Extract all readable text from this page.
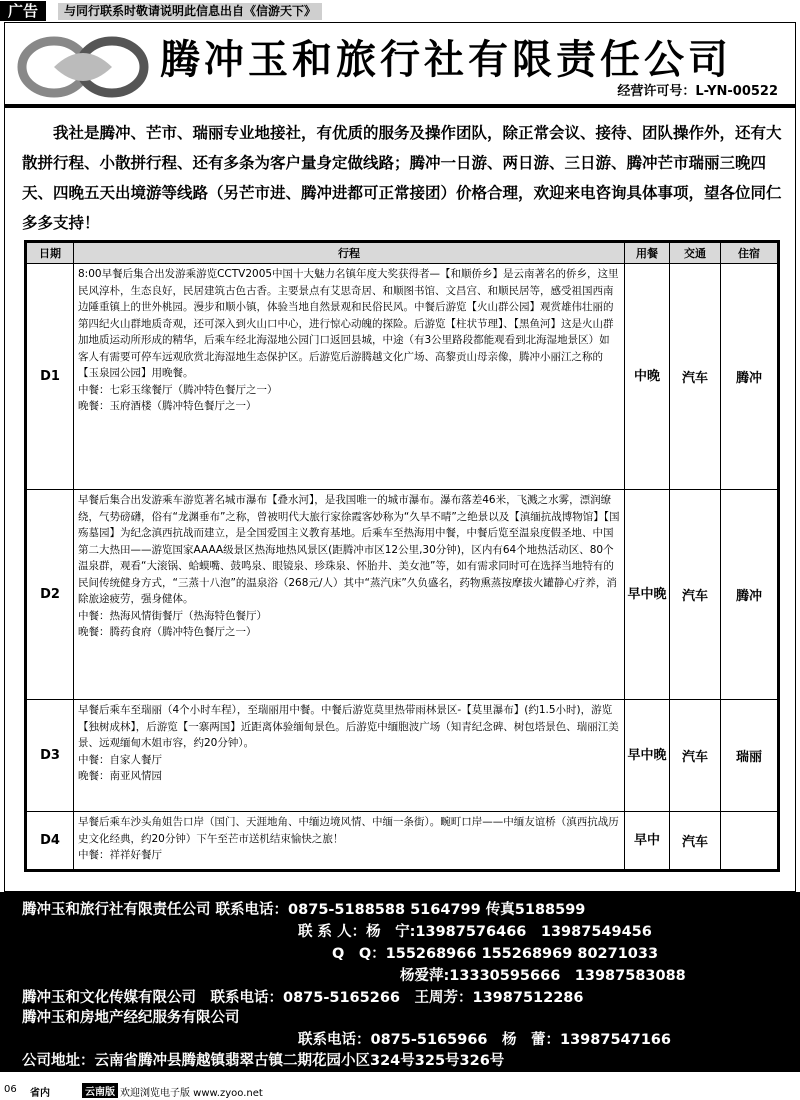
广告	与同行联系时敬请说明此信息出自《信游天下》
腾冲玉和旅行社有限责任公司
经营许可号：L-YN-00522

我社是腾冲、芒市、瑞丽专业地接社，有优质的服务及操作团队，除正常会议、接待、团队操作外，还有大散拼行程、小散拼行程、还有多条为客户量身定做线路；腾冲一日游、两日游、三日游、腾冲芒市瑞丽三晚四天、四晚五天出境游等线路（另芒市进、腾冲进都可正常接团）价格合理，欢迎来电咨询具体事项，望各位同仁多多支持！

日期	行程	用餐	交通	住宿
D1	8:00早餐后集合出发游乘游览CCTV2005中国十大魅力名镇年度大奖获得者—【和顺侨乡】是云南著名的侨乡，这里民风淳朴，生态良好，民居建筑古色古香。主要景点有艾思奇居、和顺图书馆、文昌宫、和顺民居等，感受祖国西南边陲重镇上的世外桃园。漫步和顺小镇，体验当地自然景观和民俗民风。中餐后游览【火山群公园】观赏雄伟壮丽的第四纪火山群地质奇观，还可深入到火山口中心，进行惊心动魄的探险。后游览【柱状节理】、【黑鱼河】这是火山群加地质运动所形成的精华，后乘车经北海湿地公园门口返回县城，中途（有3公里路段都能观看到北海湿地景区）如客人有需要可停车远观欣赏北海湿地生态保护区。后游览后游腾越文化广场、高黎贡山母亲像，腾冲小丽江之称的【玉泉园公园】用晚餐。

中餐：七彩玉缘餐厅（腾冲特色餐厅之一）

晚餐：玉府酒楼（腾冲特色餐厅之一）	中晚	汽车	腾冲
D2	早餐后集合出发游乘车游览著名城市瀑布【叠水河】，是我国唯一的城市瀑布。瀑布落差46米，飞溅之水雾，漂润缭绕，气势磅礴，俗有“龙渊垂布”之称，曾被明代大旅行家徐霞客妙称为“久旱不晴”之绝景以及【滇缅抗战博物馆】【国殇墓园】为纪念滇西抗战而建立，是全国爱国主义教育基地。后乘车至热海用中餐，中餐后览至温泉度假圣地、中国第二大热田——游览国家AAAA级景区热海地热风景区(距腾冲市区12公里,30分钟)，区内有64个地热活动区、80个温泉群，观看“大滚锅、蛤蟆嘴、鼓鸣泉、眼镜泉、珍珠泉、怀胎井、美女池”等，如有需求同时可在选择当地特有的民间传统健身方式，“三蒸十八泡”的温泉浴（268元/人）其中“蒸汽床”久负盛名，药物熏蒸按摩拔火罐静心疗养，消除旅途疲劳，强身健体。

中餐：热海风情街餐厅（热海特色餐厅）

晚餐：腾药食府（腾冲特色餐厅之一）	早中晚	汽车	腾冲
D3	早餐后乘车至瑞丽（4个小时车程），至瑞丽用中餐。中餐后游览莫里热带雨林景区-【莫里瀑布】(约1.5小时)，游览【独树成林】，后游览【一寨两国】近距离体验缅甸景色。后游览中缅胞波广场（知青纪念碑、树包塔景色、瑞丽江美景、远观缅甸木姐市容，约20分钟）。

中餐：自家人餐厅

晚餐：南亚风情园	早中晚	汽车	瑞丽
D4	早餐后乘车沙头角姐告口岸（国门、天涯地角、中缅边境风情、中缅一条街）。畹町口岸——中缅友谊桥（滇西抗战历史文化经典，约20分钟）下午至芒市送机结束愉快之旅！

中餐：祥祥好餐厅	早中	汽车	
腾冲玉和旅行社有限责任公司 联系电话：0875-5188588 5164799 传真5188599
联 系 人：杨　宁:13987576466　13987549456
Q　Q：155268966 155268969 80271033
杨爱萍:13330595666　13987583088
腾冲玉和文化传媒有限公司　联系电话：0875-5165266　王周芳：13987512286
腾冲玉和房地产经纪服务有限公司
联系电话：0875-5165966　杨　蕾：13987547166
公司地址：云南省腾冲县腾越镇翡翠古镇二期花园小区324号325号326号
06 省内	云南版 欢迎浏览电子版 www.zyoo.net
